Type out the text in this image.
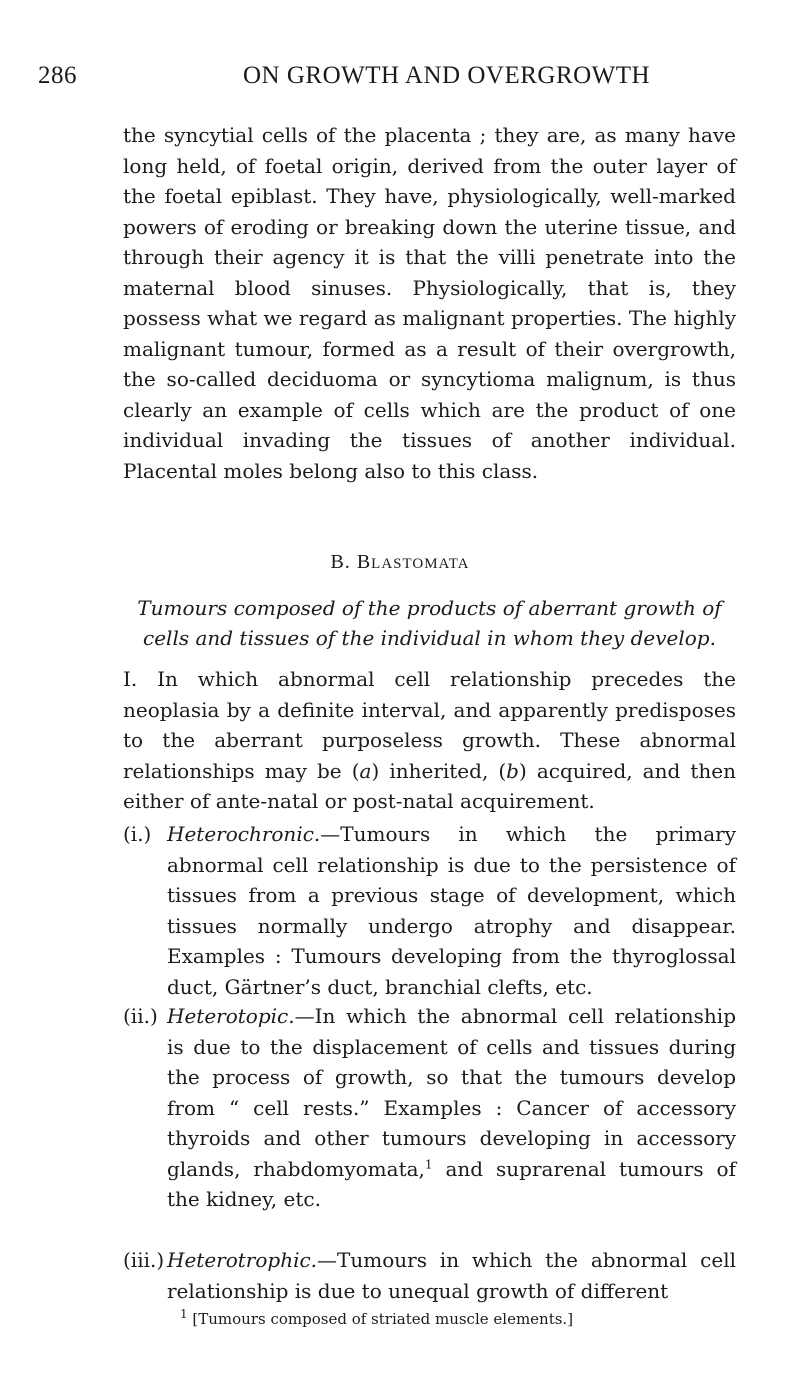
286	ON GROWTH AND OVERGROWTH
the syncytial cells of the placenta ; they are, as many have long held, of foetal origin, derived from the outer layer of the foetal epiblast. They have, physiologically, well-marked powers of eroding or breaking down the uterine tissue, and through their agency it is that the villi penetrate into the maternal blood sinuses. Physiologically, that is, they possess what we regard as malignant properties. The highly malignant tumour, formed as a result of their overgrowth, the so-called deciduoma or syncytioma malignum, is thus clearly an example of cells which are the product of one individual invading the tissues of another individual. Placental moles belong also to this class.
B. BLASTOMATA
Tumours composed of the products of aberrant growth of cells and tissues of the individual in whom they develop.
I. In which abnormal cell relationship precedes the neoplasia by a definite interval, and apparently predisposes to the aberrant purposeless growth. These abnormal relationships may be (a) inherited, (b) acquired, and then either of ante-natal or post-natal acquirement.
(i.) Heterochronic.—Tumours in which the primary abnormal cell relationship is due to the persistence of tissues from a previous stage of development, which tissues normally undergo atrophy and disappear. Examples : Tumours developing from the thyroglossal duct, Gärtner’s duct, branchial clefts, etc.
(ii.) Heterotopic.—In which the abnormal cell relationship is due to the displacement of cells and tissues during the process of growth, so that the tumours develop from “ cell rests.” Examples : Cancer of accessory thyroids and other tumours developing in accessory glands, rhabdomyomata,$^1$ and suprarenal tumours of the kidney, etc.
(iii.) Heterotrophic.—Tumours in which the abnormal cell relationship is due to unequal growth of different
$^1$ [Tumours composed of striated muscle elements.]
